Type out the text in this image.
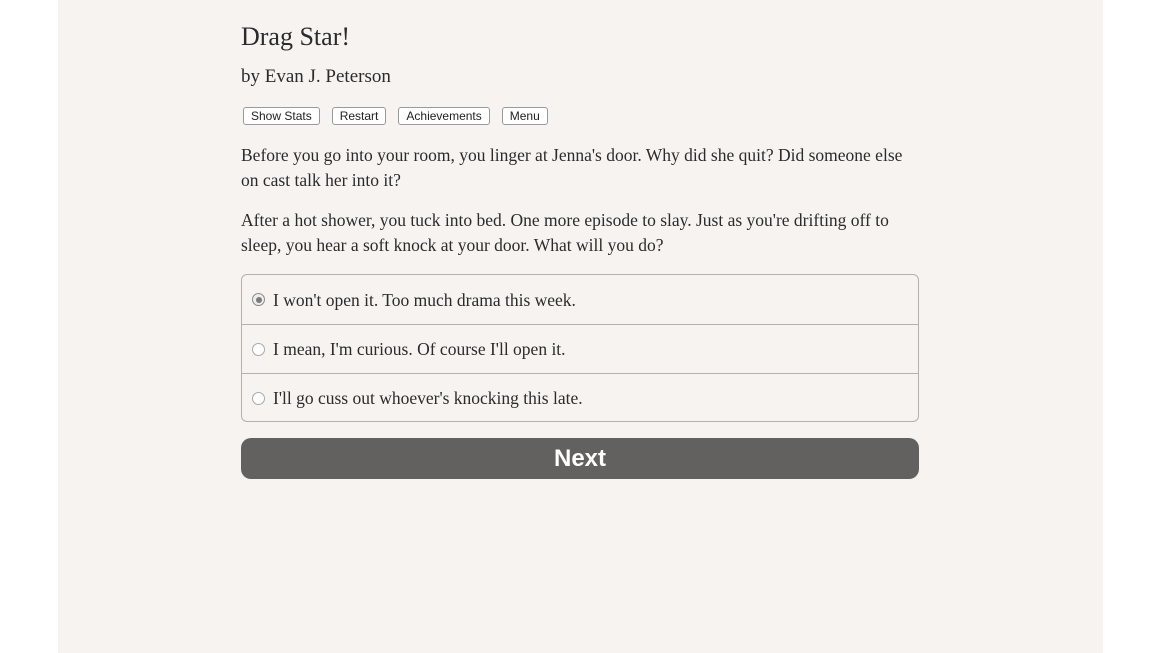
Drag Star!

by Evan J. Peterson

Show Stats	Restart	Achievements	Menu

Before you go into your room, you linger at Jenna's door. Why did she quit? Did someone else on cast talk her into it?

After a hot shower, you tuck into bed. One more episode to slay. Just as you're drifting off to sleep, you hear a soft knock at your door. What will you do?

I won't open it. Too much drama this week.
I mean, I'm curious. Of course I'll open it.
I'll go cuss out whoever's knocking this late.
Next
